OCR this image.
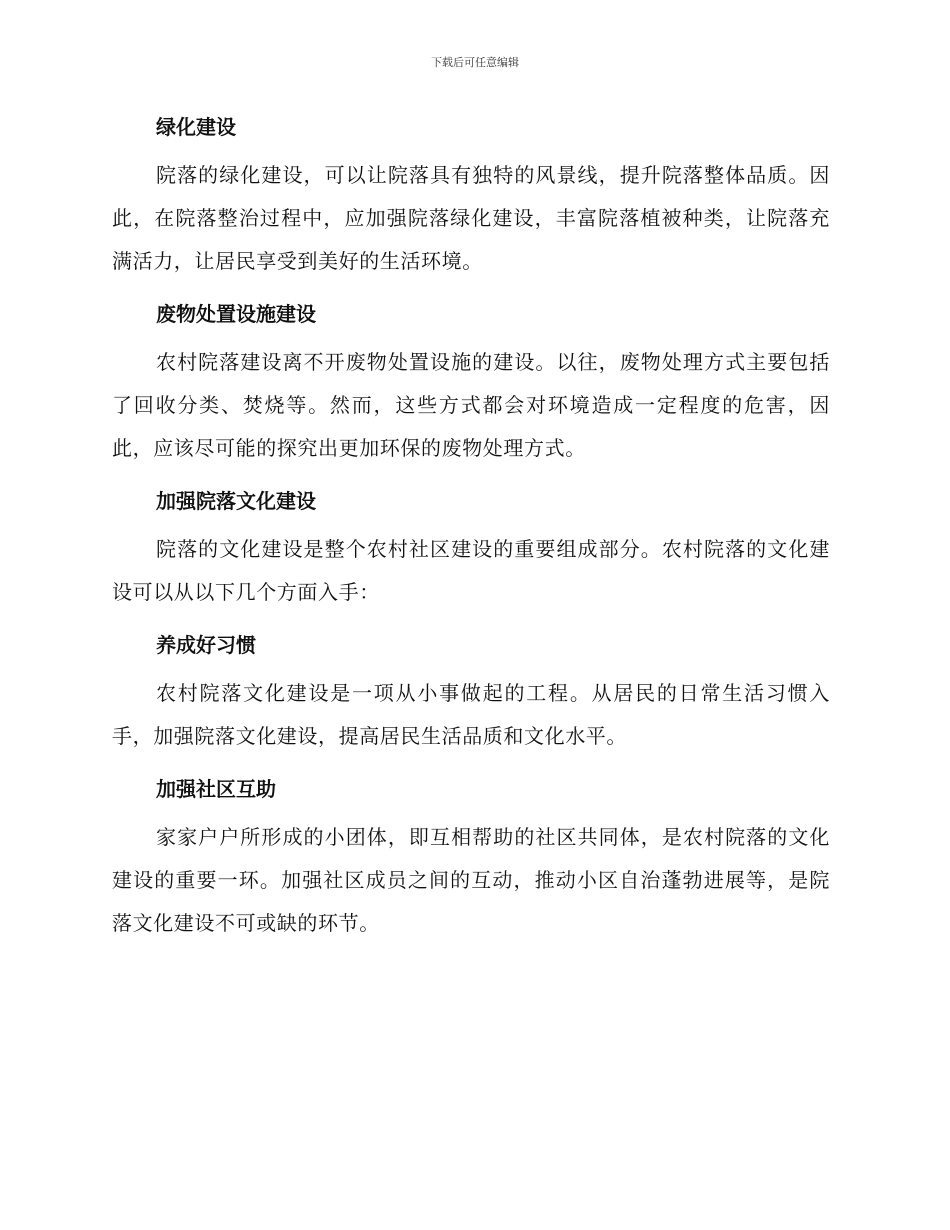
下载后可任意编辑
绿化建设

院落的绿化建设，可以让院落具有独特的风景线，提升院落整体品质。因此，在院落整治过程中，应加强院落绿化建设，丰富院落植被种类，让院落充满活力，让居民享受到美好的生活环境。

废物处置设施建设

农村院落建设离不开废物处置设施的建设。以往，废物处理方式主要包括了回收分类、焚烧等。然而，这些方式都会对环境造成一定程度的危害，因此，应该尽可能的探究出更加环保的废物处理方式。

加强院落文化建设

院落的文化建设是整个农村社区建设的重要组成部分。农村院落的文化建设可以从以下几个方面入手：

养成好习惯

农村院落文化建设是一项从小事做起的工程。从居民的日常生活习惯入手，加强院落文化建设，提高居民生活品质和文化水平。

加强社区互助

家家户户所形成的小团体，即互相帮助的社区共同体，是农村院落的文化建设的重要一环。加强社区成员之间的互动，推动小区自治蓬勃进展等，是院落文化建设不可或缺的环节。
